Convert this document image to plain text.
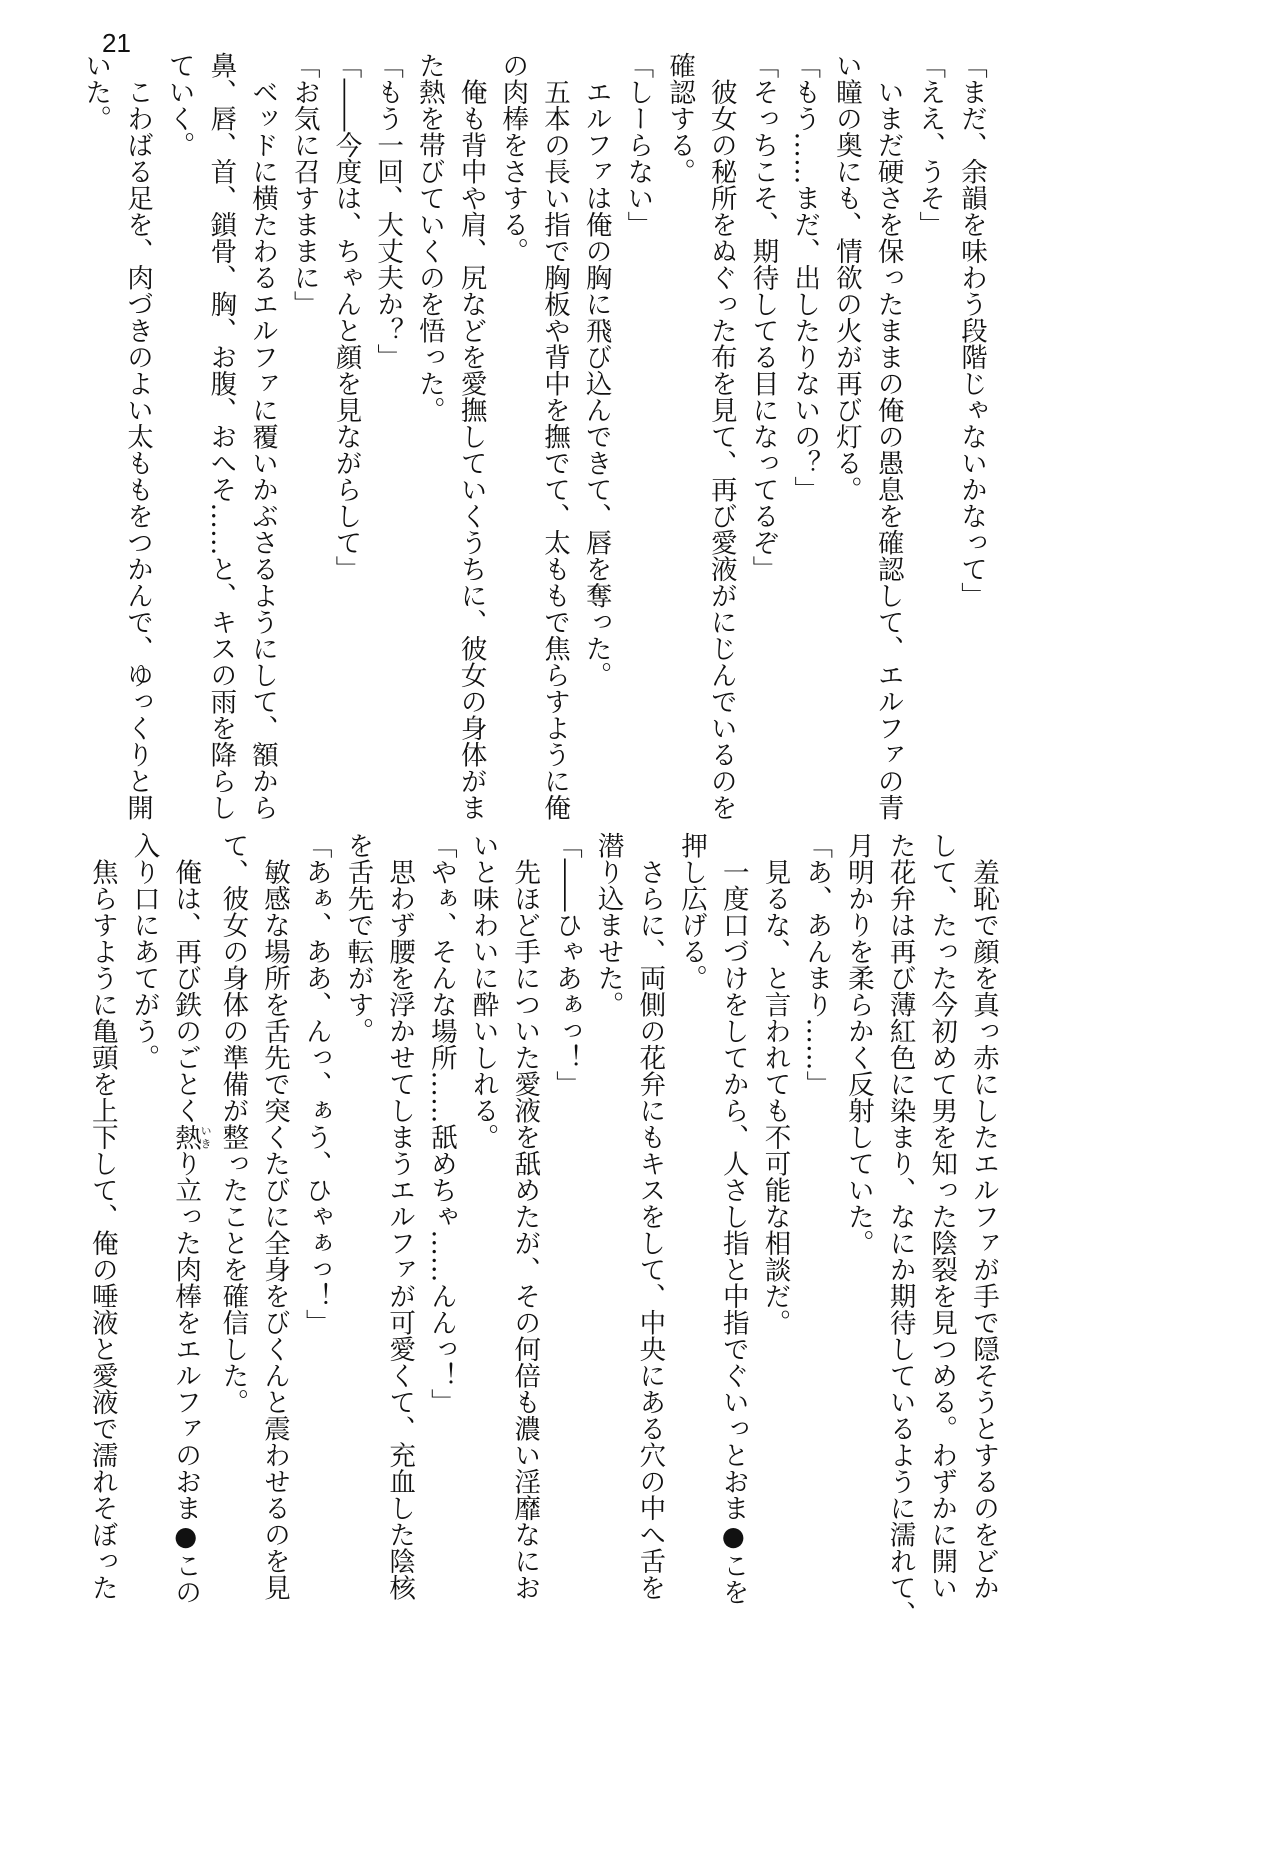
21
「まだ、余韻を味わう段階じゃないかなって」
「ええ、うそ」
　いまだ硬さを保ったままの俺の愚息を確認して、エルファの青
い瞳の奥にも、情欲の火が再び灯る。
「もう……まだ、出したりないの？」
「そっちこそ、期待してる目になってるぞ」
　彼女の秘所をぬぐった布を見て、再び愛液がにじんでいるのを
確認する。
「しーらない」
　エルファは俺の胸に飛び込んできて、唇を奪った。
　五本の長い指で胸板や背中を撫でて、太ももで焦らすように俺
の肉棒をさする。
　俺も背中や肩、尻などを愛撫していくうちに、彼女の身体がま
た熱を帯びていくのを悟った。
「もう一回、大丈夫か？」
「――今度は、ちゃんと顔を見ながらして」
「お気に召すままに」
　ベッドに横たわるエルファに覆いかぶさるようにして、額から
鼻、唇、首、鎖骨、胸、お腹、おへそ……と、キスの雨を降らし
ていく。
　こわばる足を、肉づきのよい太ももをつかんで、ゆっくりと開
いた。
　羞恥で顔を真っ赤にしたエルファが手で隠そうとするのをどか
して、たった今初めて男を知った陰裂を見つめる。わずかに開い
た花弁は再び薄紅色に染まり、なにか期待しているように濡れて、
月明かりを柔らかく反射していた。
「あ、あんまり……」
　見るな、と言われても不可能な相談だ。
　一度口づけをしてから、人さし指と中指でぐいっとおま●こを
押し広げる。
　さらに、両側の花弁にもキスをして、中央にある穴の中へ舌を
潜り込ませた。
「――ひゃあぁっ！」
　先ほど手についた愛液を舐めたが、その何倍も濃い淫靡なにお
いと味わいに酔いしれる。
「やぁ、そんな場所……舐めちゃ……んんっ！」
　思わず腰を浮かせてしまうエルファが可愛くて、充血した陰核
を舌先で転がす。
「あぁ、ああ、んっ、ぁう、ひゃぁっ！」
　敏感な場所を舌先で突くたびに全身をびくんと震わせるのを見
て、彼女の身体の準備が整ったことを確信した。
　俺は、再び鉄のごとく熱いきり立った肉棒をエルファのおま●この
入り口にあてがう。
　焦らすように亀頭を上下して、俺の唾液と愛液で濡れそぼった
